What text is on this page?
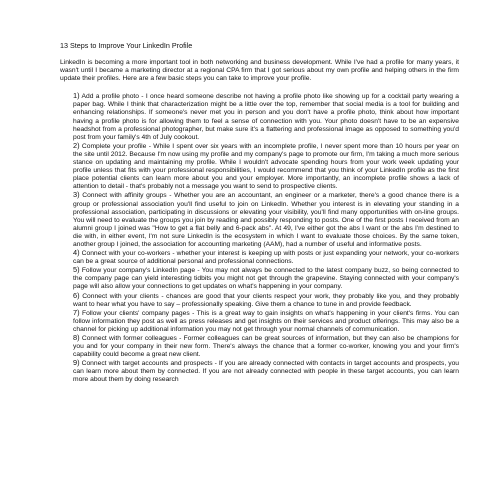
13 Steps to Improve Your LinkedIn Profile

LinkedIn is becoming a more important tool in both networking and business development. While I've had a profile for many years, it wasn't until I became a marketing director at a regional CPA firm that I got serious about my own profile and helping others in the firm update their profiles. Here are a few basic steps you can take to improve your profile.

1) Add a profile photo - I once heard someone describe not having a profile photo like showing up for a cocktail party wearing a paper bag. While I think that characterization might be a little over the top, remember that social media is a tool for building and enhancing relationships. If someone's never met you in person and you don't have a profile photo, think about how important having a profile photo is for allowing them to feel a sense of connection with you. Your photo doesn't have to be an expensive headshot from a professional photographer, but make sure it's a flattering and professional image as opposed to something you'd post from your family's 4th of July cookout.

2) Complete your profile - While I spent over six years with an incomplete profile, I never spent more than 10 hours per year on the site until 2012. Because I'm now using my profile and my company's page to promote our firm, I'm taking a much more serious stance on updating and maintaining my profile. While I wouldn't advocate spending hours from your work week updating your profile unless that fits with your professional responsibilities, I would recommend that you think of your LinkedIn profile as the first place potential clients can learn more about you and your employer. More importantly, an incomplete profile shows a lack of attention to detail - that's probably not a message you want to send to prospective clients.

3) Connect with affinity groups - Whether you are an accountant, an engineer or a marketer, there's a good chance there is a group or professional association you'll find useful to join on LinkedIn. Whether you interest is in elevating your standing in a professional association, participating in discussions or elevating your visibility, you'll find many opportunities with on-line groups. You will need to evaluate the groups you join by reading and possibly responding to posts. One of the first posts I received from an alumni group I joined was "How to get a flat belly and 6-pack abs". At 49, I've either got the abs I want or the abs I'm destined to die with, in either event, I'm not sure LinkedIn is the ecosystem in which I want to evaluate those choices. By the same token, another group I joined, the association for accounting marketing (AAM), had a number of useful and informative posts.

4) Connect with your co-workers - whether your interest is keeping up with posts or just expanding your network, your co-workers can be a great source of additional personal and professional connections.

5) Follow your company's LinkedIn page - You may not always be connected to the latest company buzz, so being connected to the company page can yield interesting tidbits you might not get through the grapevine. Staying connected with your company's page will also allow your connections to get updates on what's happening in your company.

6) Connect with your clients - chances are good that your clients respect your work, they probably like you, and they probably want to hear what you have to say – professionally speaking. Give them a chance to tune in and provide feedback.

7) Follow your clients' company pages - This is a great way to gain insights on what's happening in your client's firms. You can follow information they post as well as press releases and get insights on their services and product offerings. This may also be a channel for picking up additional information you may not get through your normal channels of communication.

8) Connect with former colleagues - Former colleagues can be great sources of information, but they can also be champions for you and for your company in their new form. There's always the chance that a former co-worker, knowing you and your firm's capability could become a great new client.

9) Connect with target accounts and prospects - If you are already connected with contacts in target accounts and prospects, you can learn more about them by connected. If you are not already connected with people in these target accounts, you can learn more about them by doing research
